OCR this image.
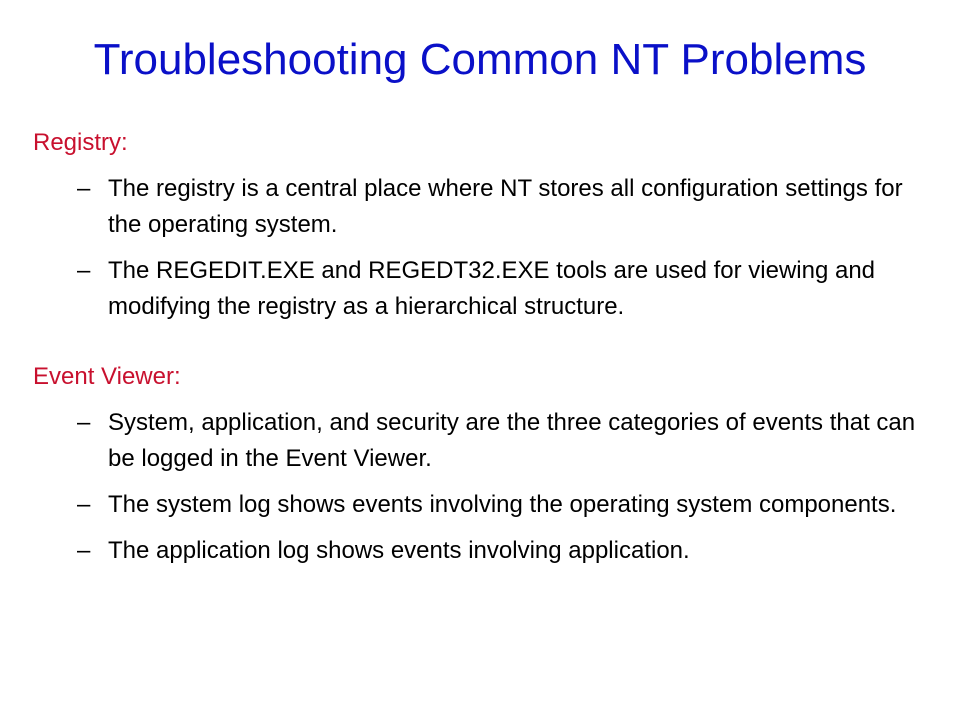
Troubleshooting Common NT Problems
Registry:
– The registry is a central place where NT stores all configuration settings for the operating system.
– The REGEDIT.EXE and REGEDT32.EXE tools are used for viewing and modifying the registry as a hierarchical structure.
Event Viewer:
– System, application, and security are the three categories of events that can be logged in the Event Viewer.
– The system log shows events involving the operating system components.
– The application log shows events involving application.
